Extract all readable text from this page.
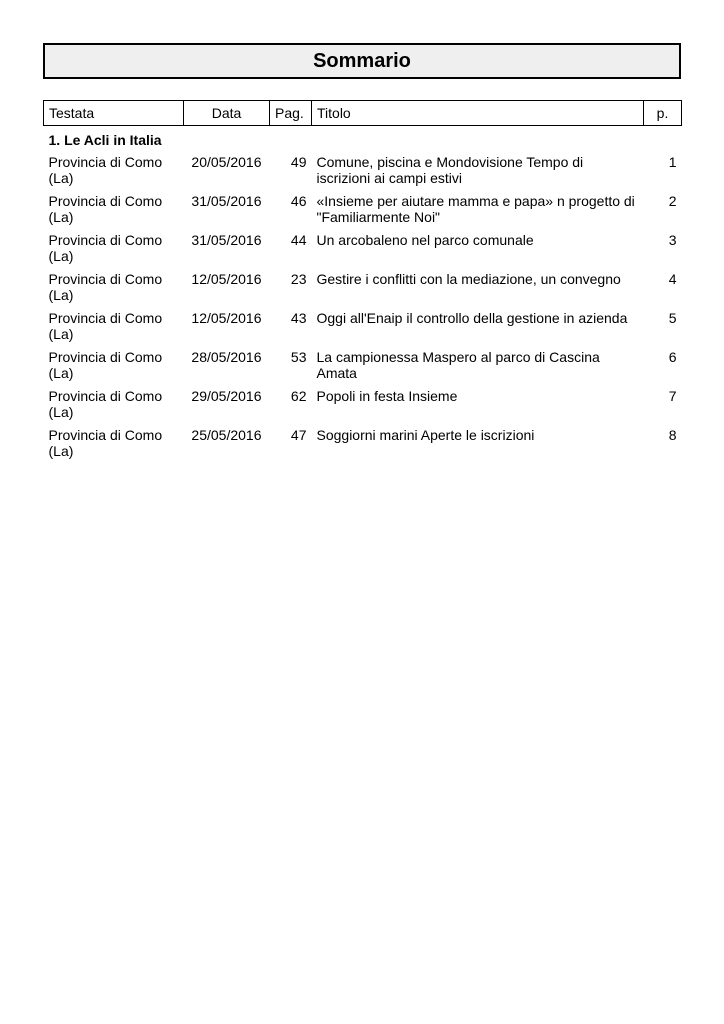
Sommario
Testata	Data	Pag.	Titolo	p.
1. Le Acli in Italia				
Provincia di Como (La)	20/05/2016	49	Comune, piscina e Mondovisione Tempo di iscrizioni ai campi estivi	1
Provincia di Como (La)	31/05/2016	46	«Insieme per aiutare mamma e papa» n progetto di "Familiarmente Noi"	2
Provincia di Como (La)	31/05/2016	44	Un arcobaleno nel parco comunale	3
Provincia di Como (La)	12/05/2016	23	Gestire i conflitti con la mediazione, un convegno	4
Provincia di Como (La)	12/05/2016	43	Oggi all'Enaip il controllo della gestione in azienda	5
Provincia di Como (La)	28/05/2016	53	La campionessa Maspero al parco di Cascina Amata	6
Provincia di Como (La)	29/05/2016	62	Popoli in festa Insieme	7
Provincia di Como (La)	25/05/2016	47	Soggiorni marini Aperte le iscrizioni	8
